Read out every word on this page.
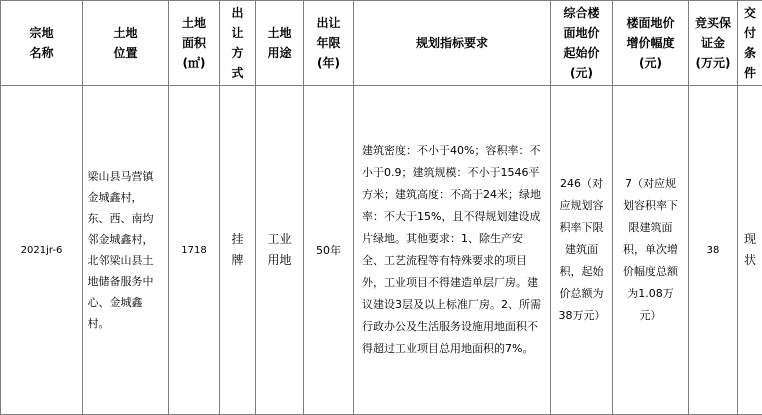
宗地名称	土地位置	土地面积(㎡)	出让方式	土地用途	出让年限(年)	规划指标要求	综合楼面地价起始价(元)	楼面地价增价幅度(元)	竞买保证金(万元)	交付条件

2021jr-6	梁山县马营镇金城鑫村，东、西、南均邻金城鑫村，北邻梁山县土地储备服务中心、金城鑫村。	1718	挂牌	工业用地	50年	建筑密度：不小于40%；容积率：不小于0.9；建筑规模：不小于1546平方米；建筑高度：不高于24米；绿地率：不大于15%，且不得规划建设成片绿地。其他要求：1、除生产安全、工艺流程等有特殊要求的项目外，工业项目不得建造单层厂房。建议建设3层及以上标准厂房。2、所需行政办公及生活服务设施用地面积不得超过工业项目总用地面积的7%。	246（对应规划容积率下限建筑面积，起始价总额为38万元）	7（对应规划容积率下限建筑面积，单次增价幅度总额为1.08万元）	38	现状
